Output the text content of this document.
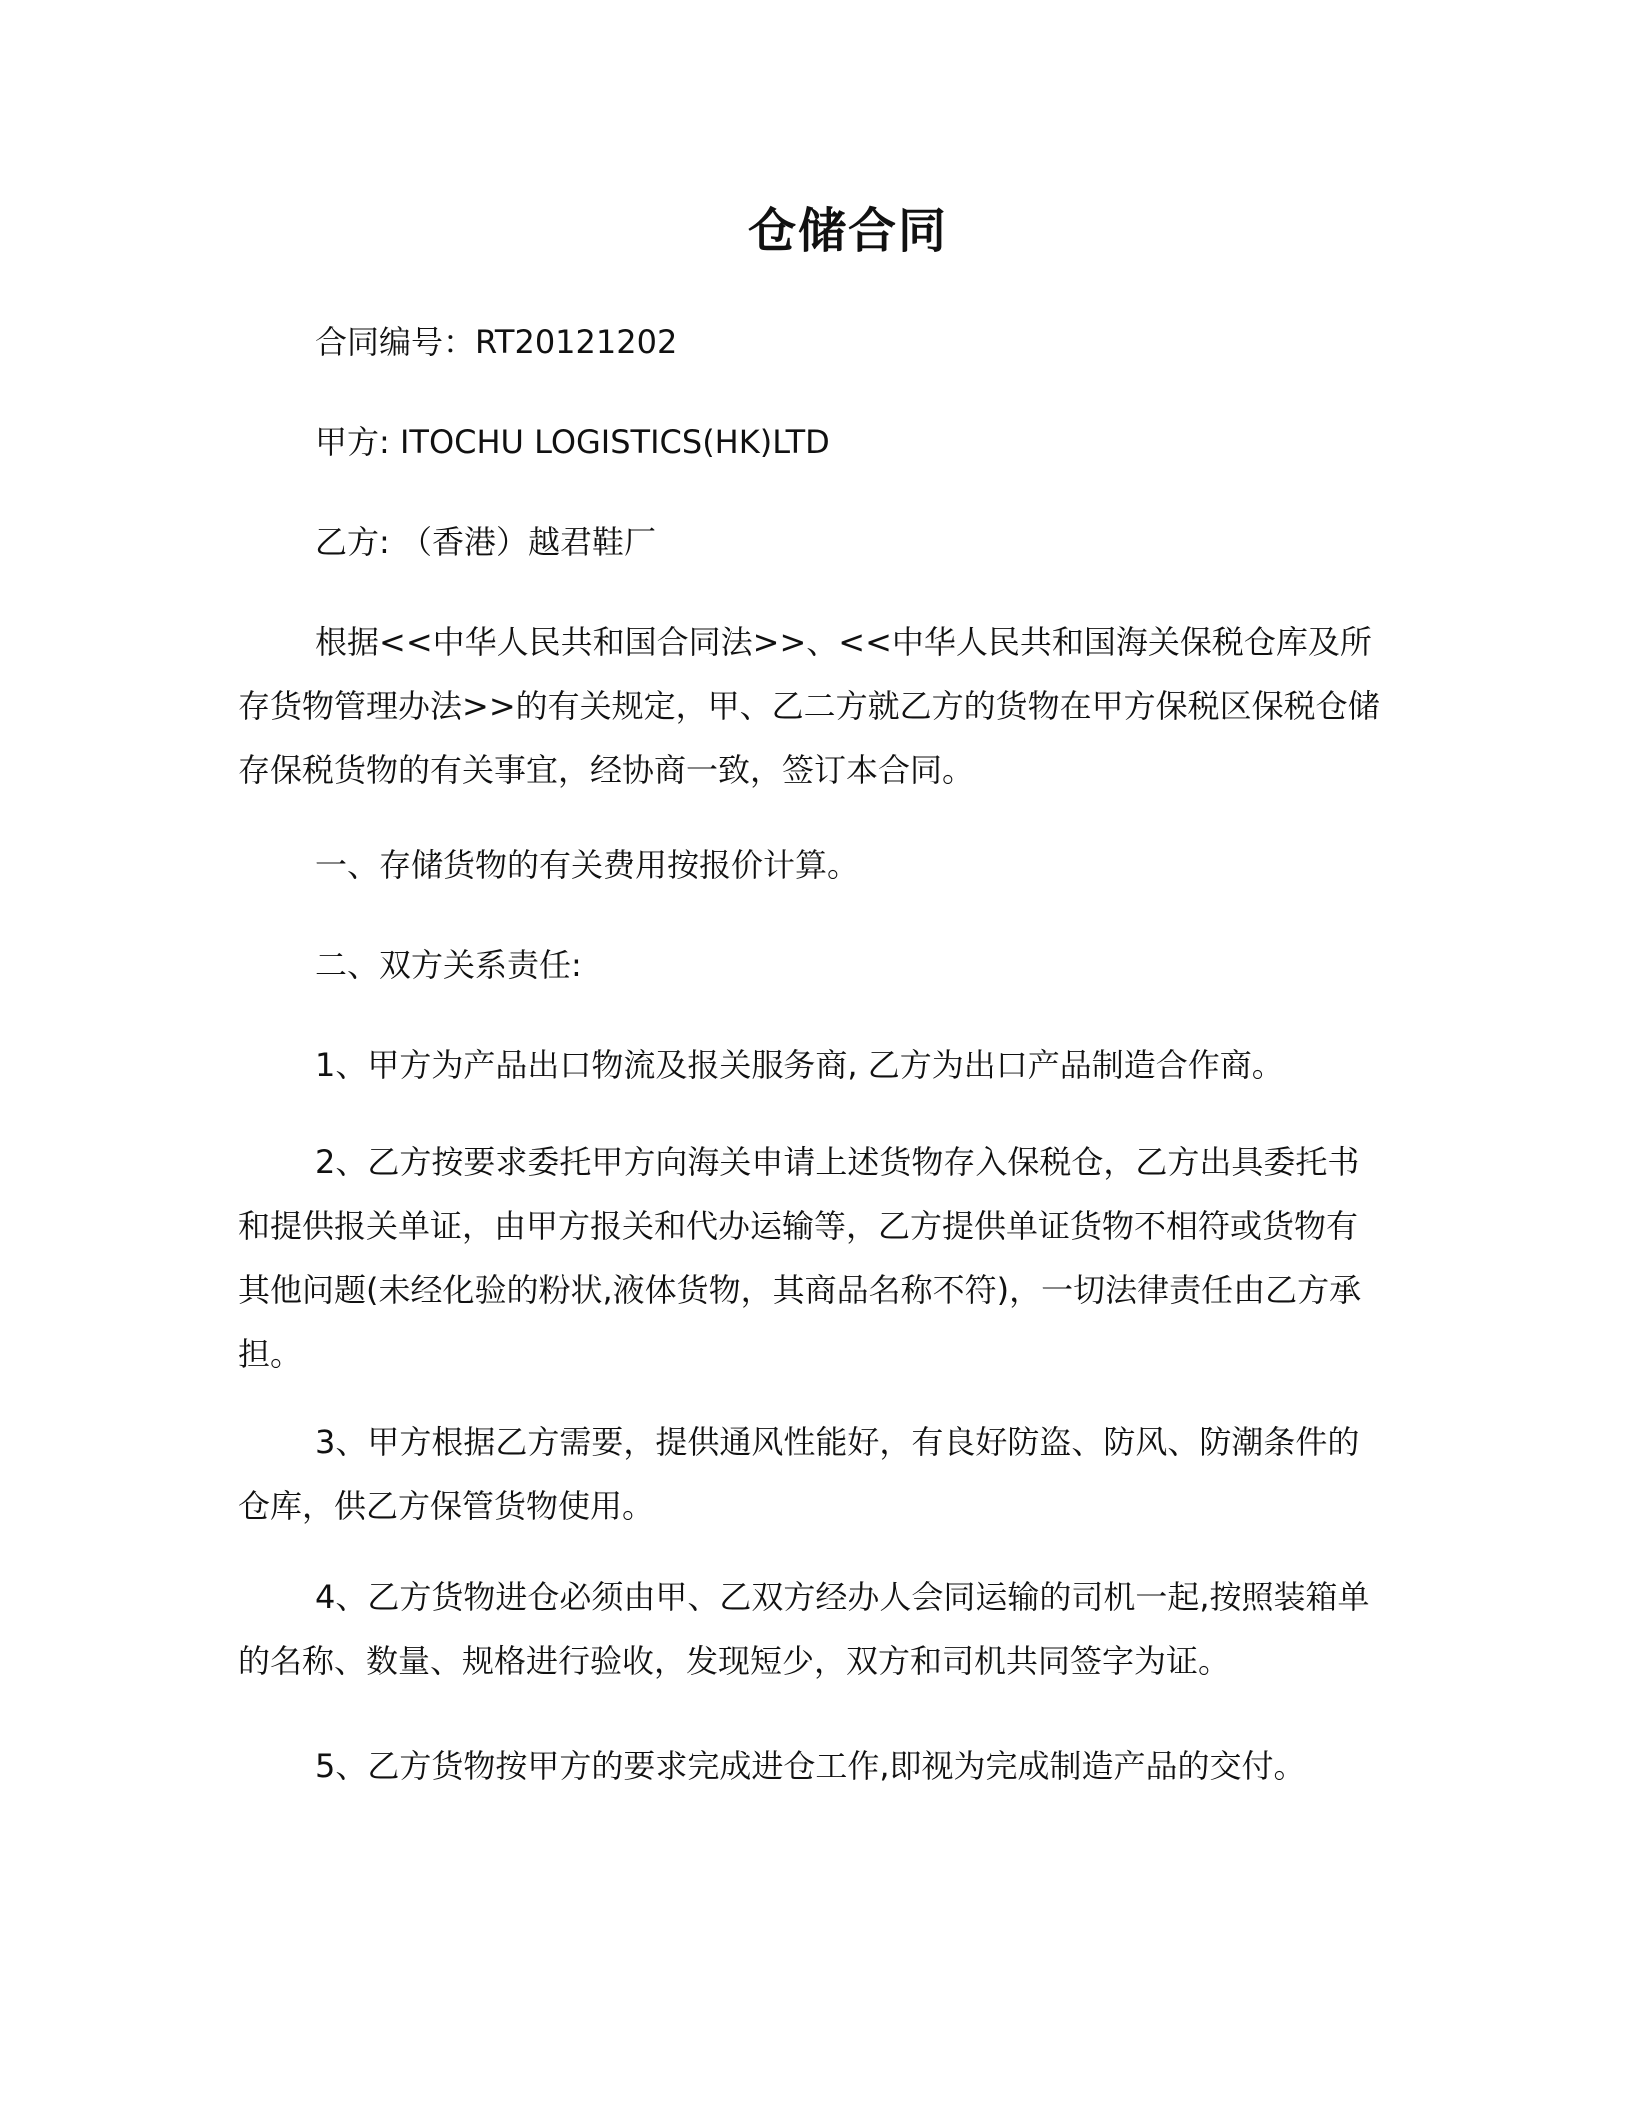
仓储合同
合同编号：RT20121202
甲方: ITOCHU LOGISTICS(HK)LTD
乙方: （香港）越君鞋厂
根据<<中华人民共和国合同法>>、<<中华人民共和国海关保税仓库及所存货物管理办法>>的有关规定，甲、乙二方就乙方的货物在甲方保税区保税仓储存保税货物的有关事宜，经协商一致，签订本合同。
一、存储货物的有关费用按报价计算。
二、双方关系责任:
1、甲方为产品出口物流及报关服务商, 乙方为出口产品制造合作商。
2、乙方按要求委托甲方向海关申请上述货物存入保税仓，乙方出具委托书和提供报关单证，由甲方报关和代办运输等，乙方提供单证货物不相符或货物有其他问题(未经化验的粉状,液体货物，其商品名称不符)，一切法律责任由乙方承担。
3、甲方根据乙方需要，提供通风性能好，有良好防盗、防风、防潮条件的仓库，供乙方保管货物使用。
4、乙方货物进仓必须由甲、乙双方经办人会同运输的司机一起,按照装箱单的名称、数量、规格进行验收，发现短少，双方和司机共同签字为证。
5、乙方货物按甲方的要求完成进仓工作,即视为完成制造产品的交付。
